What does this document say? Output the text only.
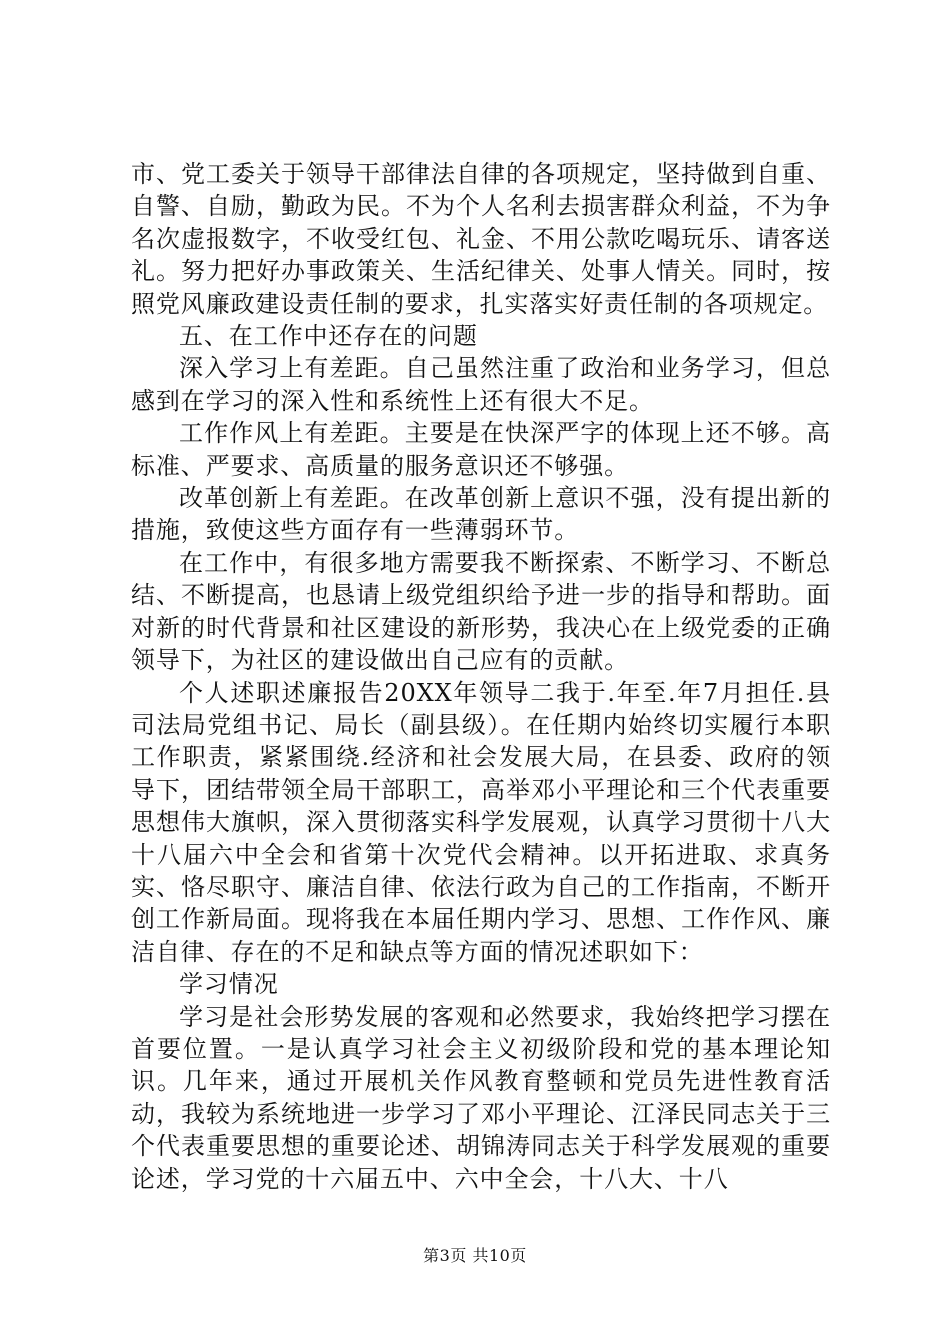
市、党工委关于领导干部律法自律的各项规定，坚持做到自重、自警、自励，勤政为民。不为个人名利去损害群众利益，不为争名次虚报数字，不收受红包、礼金、不用公款吃喝玩乐、请客送礼。努力把好办事政策关、生活纪律关、处事人情关。同时，按照党风廉政建设责任制的要求，扎实落实好责任制的各项规定。

五、在工作中还存在的问题

深入学习上有差距。自己虽然注重了政治和业务学习，但总感到在学习的深入性和系统性上还有很大不足。

工作作风上有差距。主要是在快深严字的体现上还不够。高标准、严要求、高质量的服务意识还不够强。

改革创新上有差距。在改革创新上意识不强，没有提出新的措施，致使这些方面存有一些薄弱环节。

在工作中，有很多地方需要我不断探索、不断学习、不断总结、不断提高，也恳请上级党组织给予进一步的指导和帮助。面对新的时代背景和社区建设的新形势，我决心在上级党委的正确领导下，为社区的建设做出自己应有的贡献。

个人述职述廉报告20XX年领导二我于.年至.年7月担任.县司法局党组书记、局长（副县级）。在任期内始终切实履行本职工作职责，紧紧围绕.经济和社会发展大局，在县委、政府的领导下，团结带领全局干部职工，高举邓小平理论和三个代表重要思想伟大旗帜，深入贯彻落实科学发展观，认真学习贯彻十八大十八届六中全会和省第十次党代会精神。以开拓进取、求真务实、恪尽职守、廉洁自律、依法行政为自己的工作指南，不断开创工作新局面。现将我在本届任期内学习、思想、工作作风、廉洁自律、存在的不足和缺点等方面的情况述职如下：

学习情况

学习是社会形势发展的客观和必然要求，我始终把学习摆在首要位置。一是认真学习社会主义初级阶段和党的基本理论知识。几年来，通过开展机关作风教育整顿和党员先进性教育活动，我较为系统地进一步学习了邓小平理论、江泽民同志关于三个代表重要思想的重要论述、胡锦涛同志关于科学发展观的重要论述，学习党的十六届五中、六中全会，十八大、十八

第3页 共10页
